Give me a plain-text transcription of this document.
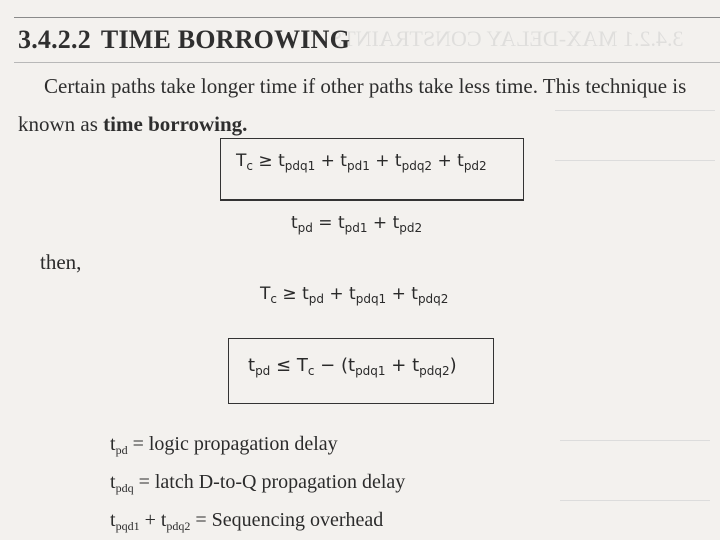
3.4.2.1 MAX-DELAY CONSTRAINTS
3.4.2.2 TIME BORROWING
Certain paths take longer time if other paths take less time. This technique is
known as time borrowing.
$T_c \ge t_{pdq1} + t_{pd1} + t_{pdq2} + t_{pd2}$
$t_{pd} = t_{pd1} + t_{pd2}$
then,
$T_c \ge t_{pd} + t_{pdq1} + t_{pdq2}$
$t_{pd} \le T_c - (t_{pdq1} + t_{pdq2})$
$t_{pd}$ = logic propagation delay
$t_{pdq}$ = latch D-to-Q propagation delay
$t_{pqd1} + t_{pdq2}$ = Sequencing overhead
